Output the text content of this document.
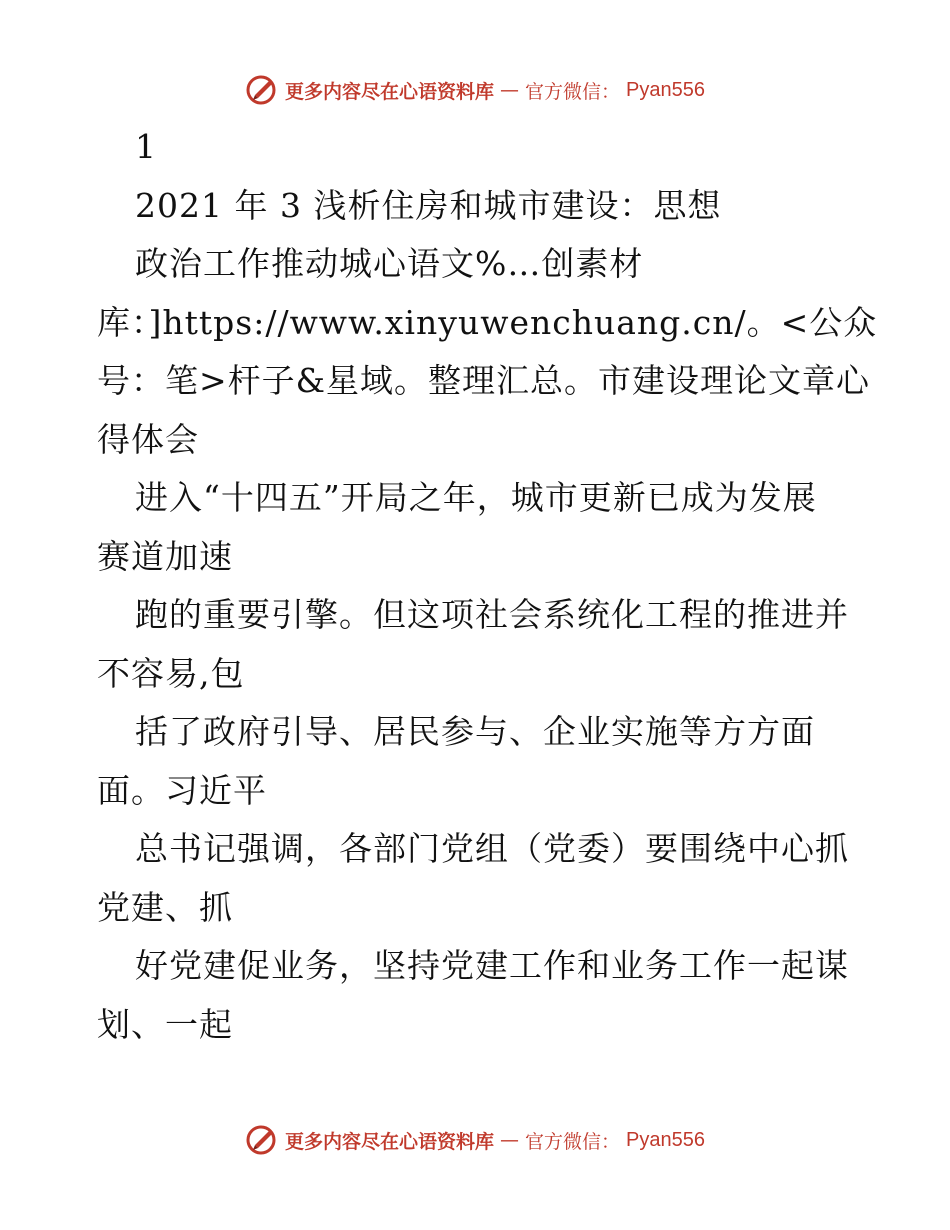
更多内容尽在心语资料库 — 官方微信： Pyan556
1
2021 年 3 浅析住房和城市建设：思想
政治工作推动城心语文%…创素材
库：]https://www.xinyuwenchuang.cn/。<公众
号：笔>杆子&星域。整理汇总。市建设理论文章心
得体会
进入“十四五”开局之年，城市更新已成为发展
赛道加速
跑的重要引擎。但这项社会系统化工程的推进并
不容易,包
括了政府引导、居民参与、企业实施等方方面
面。习近平
总书记强调，各部门党组（党委）要围绕中心抓
党建、抓
好党建促业务，坚持党建工作和业务工作一起谋
划、一起
更多内容尽在心语资料库 — 官方微信： Pyan556
